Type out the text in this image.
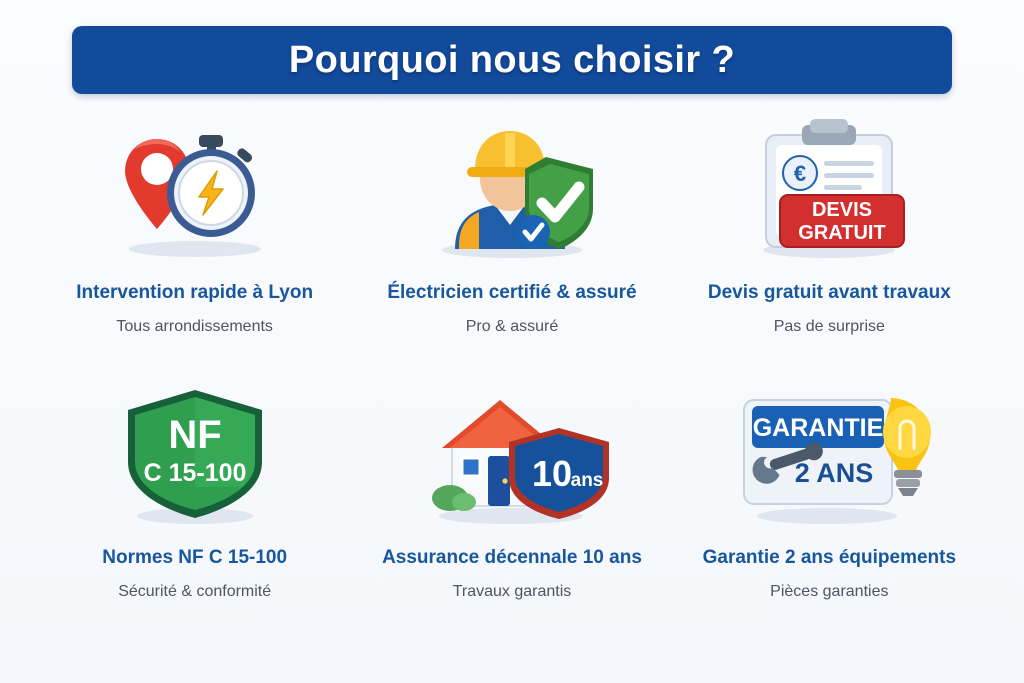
Pourquoi nous choisir ?
Intervention rapide à Lyon
Tous arrondissements
Électricien certifié & assuré
Pro & assuré
€
DEVIS
GRATUIT
Devis gratuit avant travaux
Pas de surprise
NF
C 15-100
Normes NF C 15-100
Sécurité & conformité
10
ans
Assurance décennale 10 ans
Travaux garantis
GARANTIE
2 ANS
Garantie 2 ans équipements
Pièces garanties
